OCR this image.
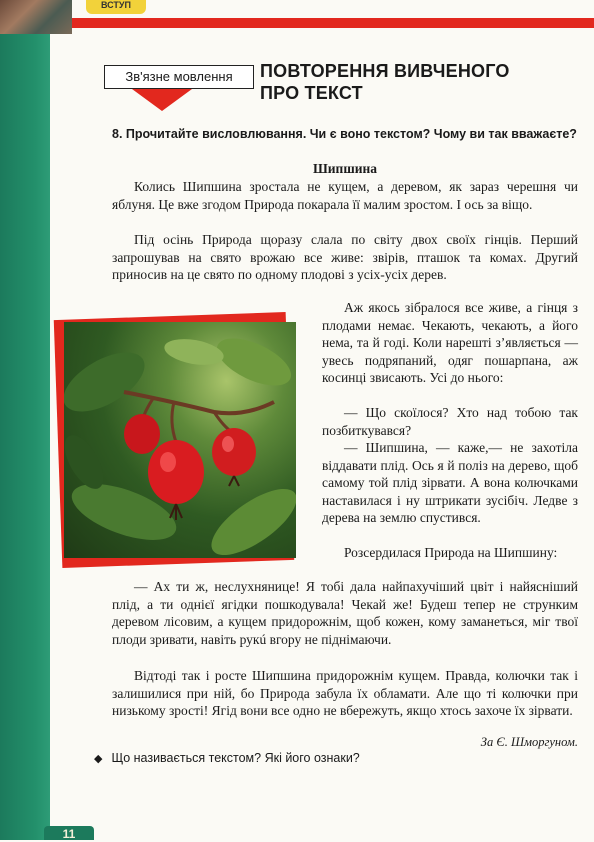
ВСТУП
Зв'язне мовлення	ПОВТОРЕННЯ ВИВЧЕНОГО
ПРО ТЕКСТ
8. Прочитайте висловлювання. Чи є воно текстом? Чому ви так вважаєте?
Шипшина

Колись Шипшина зростала не кущем, а деревом, як зараз черешня чи яблуня. Це вже згодом Природа покарала її малим зростом. І ось за віщо.

Під осінь Природа щоразу слала по світу двох своїх гінців. Перший запрошував на свято врожаю все живе: звірів, пташок та комах. Другий приносив на це свято по одному плодові з усіх-усіх дерев.

Аж якось зібралося все живе, а гінця з плодами немає. Чекають, чекають, а його нема, та й годі. Коли нарешті з’являється — увесь подряпаний, одяг пошарпана, аж косинці звисають. Усі до нього:

— Що скоїлося? Хто над тобою так позбиткувався?

— Шипшина, — каже,— не захотіла віддавати плід. Ось я й поліз на дерево, щоб самому той плід зірвати. А вона колючками наставилася і ну штрикати зусібіч. Ледве з дерева на землю спустився.

Розсердилася Природа на Шипшину:

— Ах ти ж, неслухнянице! Я тобі дала найпахучіший цвіт і найясніший плід, а ти однієї ягідки пошкодувала! Чекай же! Будеш тепер не струнким деревом лісовим, а кущем придорожнім, щоб кожен, кому заманеться, міг твої плоди зривати, навіть рукú вгору не піднімаючи.

Відтоді так і росте Шипшина придорожнім кущем. Правда, колючки так і залишилися при ній, бо Природа забула їх обламати. Але що ті колючки при низькому зрості! Ягід вони все одно не вбережуть, якщо хтось захоче їх зірвати.

За Є. Шморгуном.
◆ Що називається текстом? Які його ознаки?
11
